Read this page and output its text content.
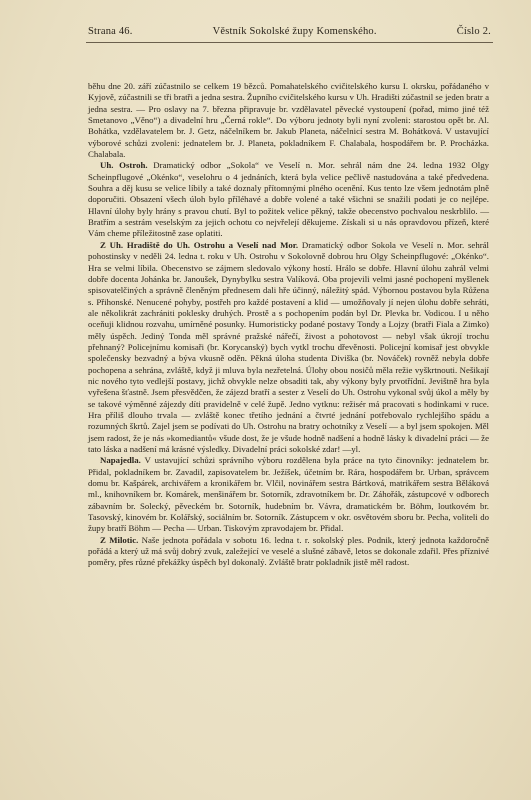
Strana 46.	Věstník Sokolské župy Komenského.	Číslo 2.

běhu dne 20. září zúčastnilo se celkem 19 bězců. Pomahatelského cvičitelského kursu I. okrsku, pořádaného v Kyjově, zúčastnili se tři bratři a jedna sestra. Župního cvičitelského kursu v Uh. Hradišti zúčastnil se jeden bratr a jedna sestra. — Pro oslavy na 7. března připravuje br. vzdělavatel pěvecké vystoupení (pořad, mimo jiné též Smetanovo „Věno“) a divadelní hru „Černá rokle“. Do výboru jednoty byli nyní zvoleni: starostou opět br. Al. Bohátka, vzdělavatelem br. J. Getz, náčelníkem br. Jakub Planeta, náčelnicí sestra M. Bohátková. V ustavující výborové schůzi zvoleni: jednatelem br. J. Planeta, pokladníkem F. Chalabala, hospodářem br. P. Procházka. Chalabala.

Uh. Ostroh. Dramatický odbor „Sokola“ ve Veselí n. Mor. sehrál nám dne 24. ledna 1932 Olgy Scheinpflugové „Okénko“, veselohru o 4 jednáních, která byla velice pečlivě nastudována a také předvedena. Souhra a děj kusu se velice líbily a také doznaly přítomnými plného ocenění. Kus tento lze všem jednotám plně doporučiti. Obsazení všech úloh bylo příléhavé a dobře volené a také všichni se snažili podati je co nejlépe. Hlavní úlohy byly hrány s pravou chutí. Byl to požitek velice pěkný, takže obecenstvo pochvalou neskrblilo. — Bratřím a sestrám veselským za jejich ochotu co nejvřelejí děkujeme. Získali si u nás opravdovou přízeň, které Vám cheme příležitostně zase oplatiti.

Z Uh. Hradiště do Uh. Ostrohu a Veselí nad Mor. Dramatický odbor Sokola ve Veselí n. Mor. sehrál pohostinsky v neděli 24. ledna t. roku v Uh. Ostrohu v Sokolovně dobrou hru Olgy Scheinpflugové: „Okénko“. Hra se velmi líbila. Obecenstvo se zájmem sledovalo výkony hostí. Hrálo se dobře. Hlavní úlohu zahrál velmi dobře docenta Johánka br. Janoušek, Dynybylku sestra Valíková. Oba projevili velmi jasné pochopení myšlenek spisovatelčiných a správně členěným přednesem dali hře účinný, náležitý spád. Výbornou postavou byla Růžena s. Přihonské. Nenucené pohyby, postřeh pro každé postavení a klid — umožňovaly jí nejen úlohu dobře sehráti, ale několikrát zachrániti poklesky druhých. Prostě a s pochopením podán byl Dr. Plevka br. Vodicou. I u něho oceňuji klidnou rozvahu, umírněné posunky. Humoristicky podané postavy Tondy a Lojzy (bratři Fiala a Zimko) měly úspěch. Jediný Tonda měl správné pražské nářečí, živost a pohotovost — nebyl však úkrojí trochu přehnaný? Policejnímu komisaři (br. Korycanský) bych vytkl trochu dřevěnosti. Policejní komisař jest obvykle společensky bezvadný a býva vkusně oděn. Pěkná úloha studenta Diviška (br. Nováček) rovněž nebyla dobře pochopena a sehrána, zvláště, když ji mluva byla nezřetelná. Úlohy obou nosičů měla režie vyškrtnouti. Nešikají nic nového tyto vedlejší postavy, jichž obvykle nelze obsaditi tak, aby výkony byly prvotřídní. Jevištně hra byla vyřešena šťastně. Jsem přesvědčen, že zájezd bratří a sester z Veselí do Uh. Ostrohu vykonal svůj úkol a měly by se takové výměnné zájezdy díti pravidelně v celé župě. Jedno vytknu: režisér má pracovati s hodinkami v ruce. Hra příliš dlouho trvala — zvláště konec třetího jednání a čtvrté jednání potřebovalo rychlejšího spádu a rozumných škrtů. Zajel jsem se podívati do Uh. Ostrohu na bratry ochotníky z Veselí — a byl jsem spokojen. Měl jsem radost, že je nás »komediantů« všude dost, že je všude hodně nadšení a hodně lásky k divadelní práci — že tato láska a nadšení má krásné výsledky. Divadelní práci sokolské zdar! —yl.

Napajedla. V ustavující schůzi správního výboru rozdělena byla práce na tyto činovníky: jednatelem br. Přidal, pokladníkem br. Zavadil, zapisovatelem br. Ježíšek, účetním br. Rára, hospodářem br. Urban, správcem domu br. Kašpárek, archivářem a kronikářem br. Vlčil, novinářem sestra Bártková, matrikářem sestra Běláková ml., knihovníkem br. Komárek, menšinářem br. Sotorník, zdravotníkem br. Dr. Záhořák, zástupcové v odborech zábavním br. Solecký, pěveckém br. Sotorník, hudebním br. Vávra, dramatickém br. Böhm, loutkovém br. Tasovský, kinovém br. Kolářský, sociálním br. Sotorník. Zástupcem v okr. osvětovém sboru br. Pecha, voliteli do župy bratří Böhm — Pecha — Urban. Tiskovým zpravodajem br. Přidal.

Z Milotic. Naše jednota pořádala v sobotu 16. ledna t. r. sokolský ples. Podnik, který jednota každoročně pořádá a který už má svůj dobrý zvuk, zaležející ve veselé a slušné zábavě, letos se dokonale zdařil. Přes příznivé poměry, přes různé překážky úspěch byl dokonalý. Zvláště bratr pokladník jistě měl radost.
